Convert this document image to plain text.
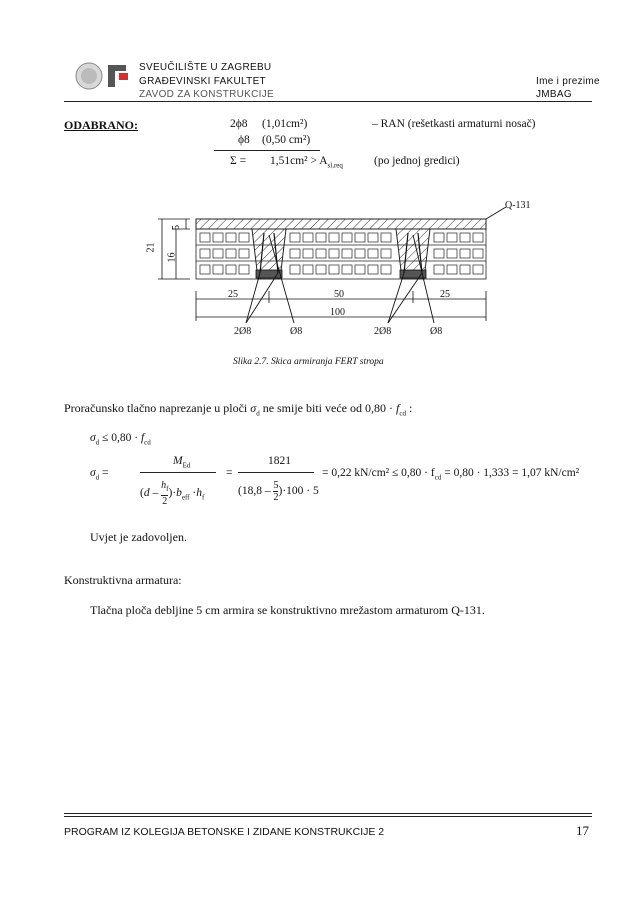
SVEUČILIŠTE U ZAGREBU
GRAĐEVINSKI FAKULTET
ZAVOD ZA KONSTRUKCIJE
Ime i prezime
JMBAG
ODABRANO:	2ϕ8 (1,01cm²)	– RAN (rešetkasti armaturni nosač)
ϕ8 (0,50 cm²)
$\Sigma = 1,51cm^2 > A_{sl,req}$	(po jednoj gredici)
21
16
5
25	50	25
100
2Ø8	Ø8	2Ø8	Ø8
Q-131
Slika 2.7. Skica armiranja FERT stropa
Proračunsko tlačno naprezanje u ploči $\sigma_d$ ne smije biti veće od $0,80 \cdot f_{cd}$ :
$\sigma_d \le 0,80 \cdot f_{cd}$
$\sigma_d$ =
$M_{Ed}$
($d - h_f$

2
)$\cdot b_{eff} \cdot h_f$
=
1821
$(18,8 - \frac{5}{2} )\cdot 100 \cdot 5$
= 0,22 $kN/cm^2 \le 0,80 \cdot f_{cd} = 0,80 \cdot 1,333 = 1,07$ kN/cm²
Uvjet je zadovoljen.
Konstruktivna armatura:
Tlačna ploča debljine 5 cm armira se konstruktivno mrežastom armaturom Q-131.
PROGRAM IZ KOLEGIJA BETONSKE I ZIDANE KONSTRUKCIJE 2	17
